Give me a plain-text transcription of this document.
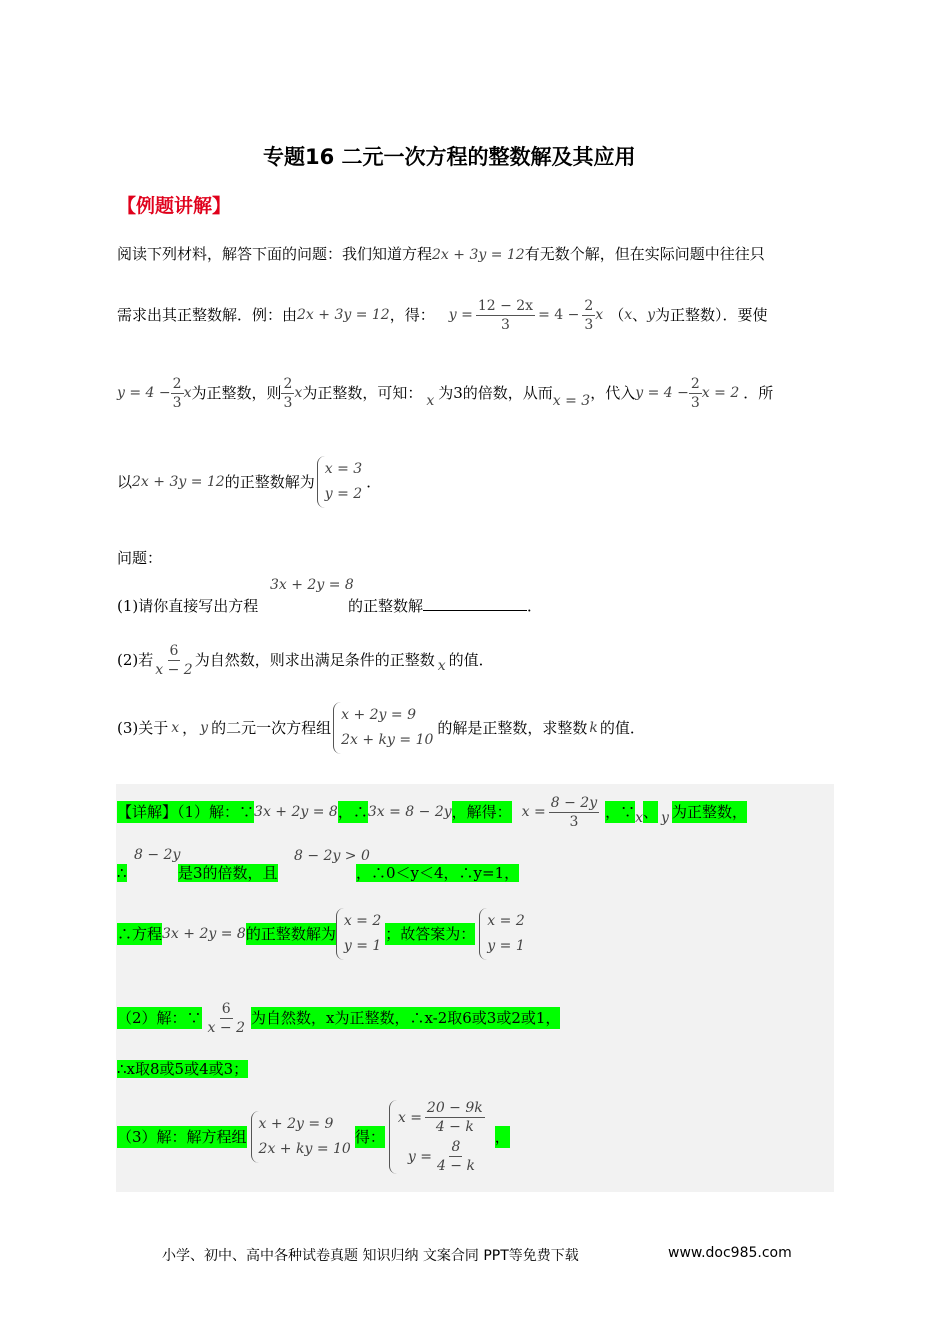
专题16 二元一次方程的整数解及其应用
【例题讲解】
阅读下列材料，解答下面的问题：我们知道方程2x + 3y = 12有无数个解，但在实际问题中往往只
需求出其正整数解．例：由 2x + 3y = 12 ，得： $y = \frac{12 - 2x}{3} = 4 - \frac{2}{3}$ x （ x 、 y 为正整数）．要使
$y = 4 - \frac{2}{3}$ x 为正整数，则 $\frac{2}{3}$ x 为正整数，可知： x 为3的倍数，从而 x = 3 ，代入 $y = 4 - \frac{2}{3}$ x = 2 ．所
以 2x + 3y = 12 的正整数解为
x = 3
y = 2
．
问题：
(1)请你直接写出方程
3x + 2y = 8
的正整数解	．
(2)若 $\frac{6}{x - 2}$ 为自然数，则求出满足条件的正整数 x 的值．
(3)关于 x ， y 的二元一次方程组
x + 2y = 9
2x + ky = 10
的解是正整数，求整数 k 的值．
【详解】（1）解：∵ 3x + 2y = 8 ，∴ 3x = 8 − 2y ，解得： $x = \frac{8 - 2y}{3}$ ，∵ x 、 y 为正整数，
∴
8 − 2y
是3的倍数，且
8 − 2y > 0
，∴0＜y＜4，∴y=1，
∴方程 3x + 2y = 8 的正整数解为
x = 2
y = 1
；故答案为：
x = 2
y = 1
（2）解：∵ $\frac{6}{x - 2}$ 为自然数，x为正整数，∴x-2取6或3或2或1，
∴x取8或5或4或3；
（3）解：解方程组
x + 2y = 9
2x + ky = 10
得：
$x = \frac{20 - 9k}{4 - k}$
$y = \frac{8}{4 - k}$
，
小学、初中、高中各种试卷真题 知识归纳 文案合同 PPT等免费下载	www.doc985.com
